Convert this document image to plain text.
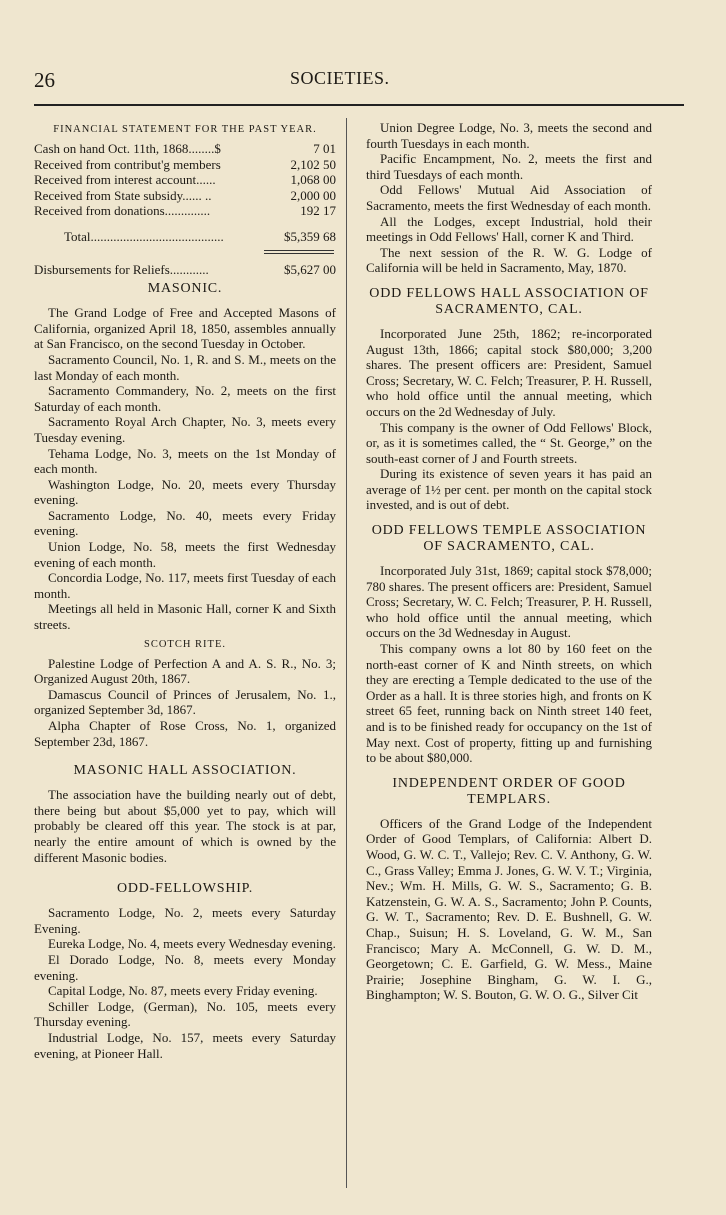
26	SOCIETIES.
FINANCIAL STATEMENT FOR THE PAST YEAR.
Cash on hand Oct. 11th, 1868........$	7 01
Received from contribut'g members	2,102 50
Received from interest account......	1,068 00
Received from State subsidy...... ..	2,000 00
Received from donations..............	192 17
Total.........................................	$5,359 68
Disbursements for Reliefs............	$5,627 00
MASONIC.

The Grand Lodge of Free and Accepted Masons of California, organized April 18, 1850, assembles annually at San Francisco, on the second Tuesday in October.

Sacramento Council, No. 1, R. and S. M., meets on the last Monday of each month.

Sacramento Commandery, No. 2, meets on the first Saturday of each month.

Sacramento Royal Arch Chapter, No. 3, meets every Tuesday evening.

Tehama Lodge, No. 3, meets on the 1st Monday of each month.

Washington Lodge, No. 20, meets every Thursday evening.

Sacramento Lodge, No. 40, meets every Friday evening.

Union Lodge, No. 58, meets the first Wednesday evening of each month.

Concordia Lodge, No. 117, meets first Tuesday of each month.

Meetings all held in Masonic Hall, corner K and Sixth streets.

SCOTCH RITE.

Palestine Lodge of Perfection A and A. S. R., No. 3; Organized August 20th, 1867.

Damascus Council of Princes of Jerusalem, No. 1., organized September 3d, 1867.

Alpha Chapter of Rose Cross, No. 1, organized September 23d, 1867.

MASONIC HALL ASSOCIATION.

The association have the building nearly out of debt, there being but about $5,000 yet to pay, which will probably be cleared off this year. The stock is at par, nearly the entire amount of which is owned by the different Masonic bodies.

ODD-FELLOWSHIP.

Sacramento Lodge, No. 2, meets every Saturday Evening.

Eureka Lodge, No. 4, meets every Wednesday evening.

El Dorado Lodge, No. 8, meets every Monday evening.

Capital Lodge, No. 87, meets every Friday evening.

Schiller Lodge, (German), No. 105, meets every Thursday evening.

Industrial Lodge, No. 157, meets every Saturday evening, at Pioneer Hall.

Union Degree Lodge, No. 3, meets the second and fourth Tuesdays in each month.

Pacific Encampment, No. 2, meets the first and third Tuesdays of each month.

Odd Fellows' Mutual Aid Association of Sacramento, meets the first Wednesday of each month.

All the Lodges, except Industrial, hold their meetings in Odd Fellows' Hall, corner K and Third.

The next session of the R. W. G. Lodge of California will be held in Sacramento, May, 1870.

ODD FELLOWS HALL ASSOCIATION OF SACRAMENTO, CAL.

Incorporated June 25th, 1862; re-incorporated August 13th, 1866; capital stock $80,000; 3,200 shares. The present officers are: President, Samuel Cross; Secretary, W. C. Felch; Treasurer, P. H. Russell, who hold office until the annual meeting, which occurs on the 2d Wednesday of July.

This company is the owner of Odd Fellows' Block, or, as it is sometimes called, the “ St. George,” on the south-east corner of J and Fourth streets.

During its existence of seven years it has paid an average of 1½ per cent. per month on the capital stock invested, and is out of debt.

ODD FELLOWS TEMPLE ASSOCIATION OF SACRAMENTO, CAL.

Incorporated July 31st, 1869; capital stock $78,000; 780 shares. The present officers are: President, Samuel Cross; Secretary, W. C. Felch; Treasurer, P. H. Russell, who hold office until the annual meeting, which occurs on the 3d Wednesday in August.

This company owns a lot 80 by 160 feet on the north-east corner of K and Ninth streets, on which they are erecting a Temple dedicated to the use of the Order as a hall. It is three stories high, and fronts on K street 65 feet, running back on Ninth street 140 feet, and is to be finished ready for occupancy on the 1st of May next. Cost of property, fitting up and furnishing to be about $80,000.

INDEPENDENT ORDER OF GOOD TEMPLARS.

Officers of the Grand Lodge of the Independent Order of Good Templars, of California: Albert D. Wood, G. W. C. T., Vallejo; Rev. C. V. Anthony, G. W. C., Grass Valley; Emma J. Jones, G. W. V. T.; Virginia, Nev.; Wm. H. Mills, G. W. S., Sacramento; G. B. Katzenstein, G. W. A. S., Sacramento; John P. Counts, G. W. T., Sacramento; Rev. D. E. Bushnell, G. W. Chap., Suisun; H. S. Loveland, G. W. M., San Francisco; Mary A. McConnell, G. W. D. M., Georgetown; C. E. Garfield, G. W. Mess., Maine Prairie; Josephine Bingham, G. W. I. G., Binghampton; W. S. Bouton, G. W. O. G., Silver Cit
